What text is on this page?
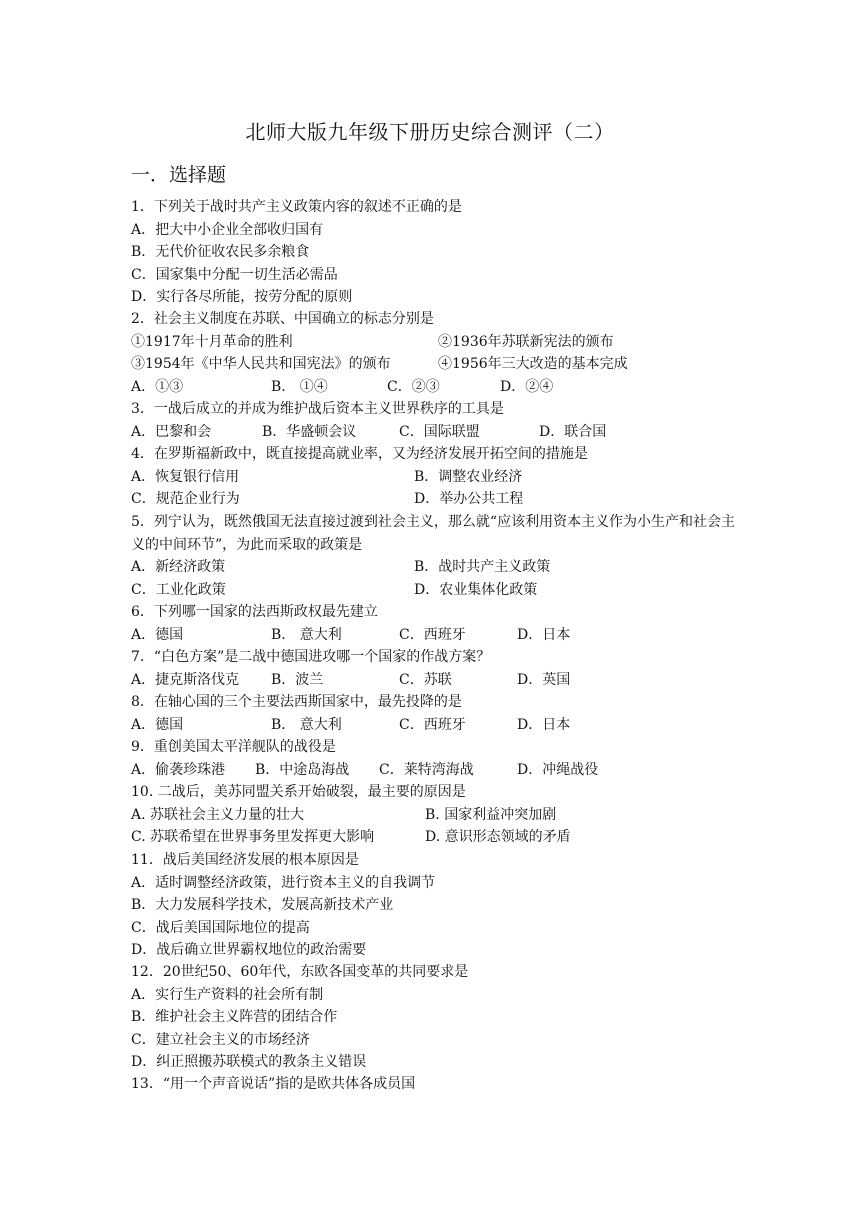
北师大版九年级下册历史综合测评（二）
一．选择题
1．下列关于战时共产主义政策内容的叙述不正确的是
A．把大中小企业全部收归国有
B．无代价征收农民多余粮食
C．国家集中分配一切生活必需品
D．实行各尽所能，按劳分配的原则
2．社会主义制度在苏联、中国确立的标志分别是
①1917年十月革命的胜利	②1936年苏联新宪法的颁布
③1954年《中华人民共和国宪法》的颁布	④1956年三大改造的基本完成
A．①③	B． ①④	C．②③	D．②④
3．一战后成立的并成为维护战后资本主义世界秩序的工具是
A．巴黎和会	B．华盛顿会议	C．国际联盟	D．联合国
4．在罗斯福新政中，既直接提高就业率，又为经济发展开拓空间的措施是
A．恢复银行信用	B．调整农业经济
C．规范企业行为	D．举办公共工程
5．列宁认为，既然俄国无法直接过渡到社会主义，那么就“应该利用资本主义作为小生产和社会主义的中间环节”，为此而采取的政策是
A．新经济政策	B．战时共产主义政策
C．工业化政策	D．农业集体化政策
6．下列哪一国家的法西斯政权最先建立
A．德国	B． 意大利	C．西班牙	D．日本
7．“白色方案”是二战中德国进攻哪一个国家的作战方案？
A．捷克斯洛伐克 B．波兰	C．苏联	D．英国
8．在轴心国的三个主要法西斯国家中，最先投降的是
A．德国	B． 意大利	C．西班牙	D．日本
9．重创美国太平洋舰队的战役是
A．偷袭珍珠港 B．中途岛海战 C．莱特湾海战	D．冲绳战役
10. 二战后，美苏同盟关系开始破裂，最主要的原因是
A. 苏联社会主义力量的壮大	B. 国家利益冲突加剧
C. 苏联希望在世界事务里发挥更大影响	D. 意识形态领域的矛盾
11．战后美国经济发展的根本原因是
A．适时调整经济政策，进行资本主义的自我调节
B．大力发展科学技术，发展高新技术产业
C．战后美国国际地位的提高
D．战后确立世界霸权地位的政治需要
12．20世纪50、60年代，东欧各国变革的共同要求是
A．实行生产资料的社会所有制
B．维护社会主义阵营的团结合作
C．建立社会主义的市场经济
D．纠正照搬苏联模式的教条主义错误
13．“用一个声音说话”指的是欧共体各成员国
